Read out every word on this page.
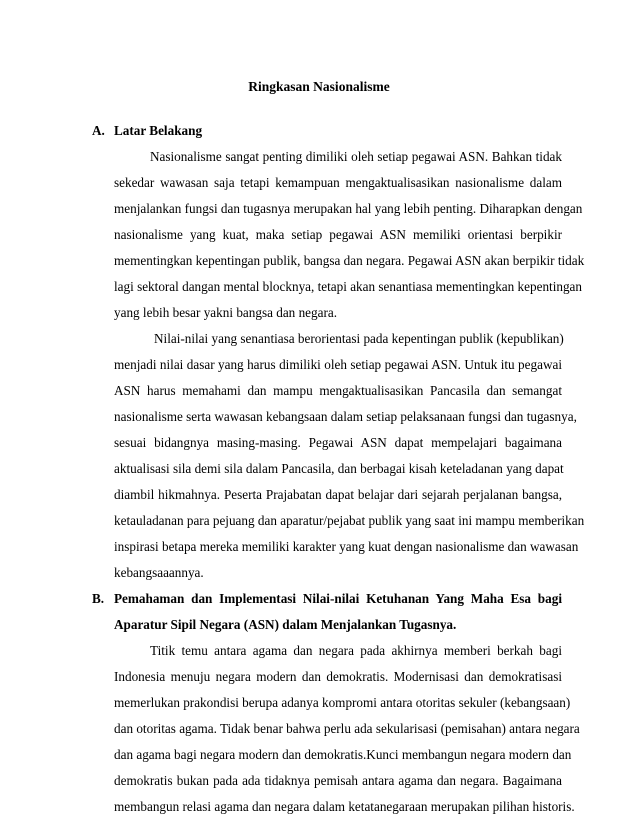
Ringkasan Nasionalisme
A. Latar Belakang
Nasionalisme sangat penting dimiliki oleh setiap pegawai ASN. Bahkan tidak
sekedar wawasan saja tetapi kemampuan mengaktualisasikan nasionalisme dalam
menjalankan fungsi dan tugasnya merupakan hal yang lebih penting. Diharapkan dengan
nasionalisme yang kuat, maka setiap pegawai ASN memiliki orientasi berpikir
mementingkan kepentingan publik, bangsa dan negara. Pegawai ASN akan berpikir tidak
lagi sektoral dangan mental blocknya, tetapi akan senantiasa mementingkan kepentingan
yang lebih besar yakni bangsa dan negara.
Nilai-nilai yang senantiasa berorientasi pada kepentingan publik (kepublikan)
menjadi nilai dasar yang harus dimiliki oleh setiap pegawai ASN. Untuk itu pegawai
ASN harus memahami dan mampu mengaktualisasikan Pancasila dan semangat
nasionalisme serta wawasan kebangsaan dalam setiap pelaksanaan fungsi dan tugasnya,
sesuai bidangnya masing-masing. Pegawai ASN dapat mempelajari bagaimana
aktualisasi sila demi sila dalam Pancasila, dan berbagai kisah keteladanan yang dapat
diambil hikmahnya. Peserta Prajabatan dapat belajar dari sejarah perjalanan bangsa,
ketauladanan para pejuang dan aparatur/pejabat publik yang saat ini mampu memberikan
inspirasi betapa mereka memiliki karakter yang kuat dengan nasionalisme dan wawasan
kebangsaaannya.
B. Pemahaman dan Implementasi Nilai-nilai Ketuhanan Yang Maha Esa bagi Aparatur Sipil Negara (ASN) dalam Menjalankan Tugasnya.
Titik temu antara agama dan negara pada akhirnya memberi berkah bagi
Indonesia menuju negara modern dan demokratis. Modernisasi dan demokratisasi
memerlukan prakondisi berupa adanya kompromi antara otoritas sekuler (kebangsaan)
dan otoritas agama. Tidak benar bahwa perlu ada sekularisasi (pemisahan) antara negara
dan agama bagi negara modern dan demokratis.Kunci membangun negara modern dan
demokratis bukan pada ada tidaknya pemisah antara agama dan negara. Bagaimana
membangun relasi agama dan negara dalam ketatanegaraan merupakan pilihan historis.
